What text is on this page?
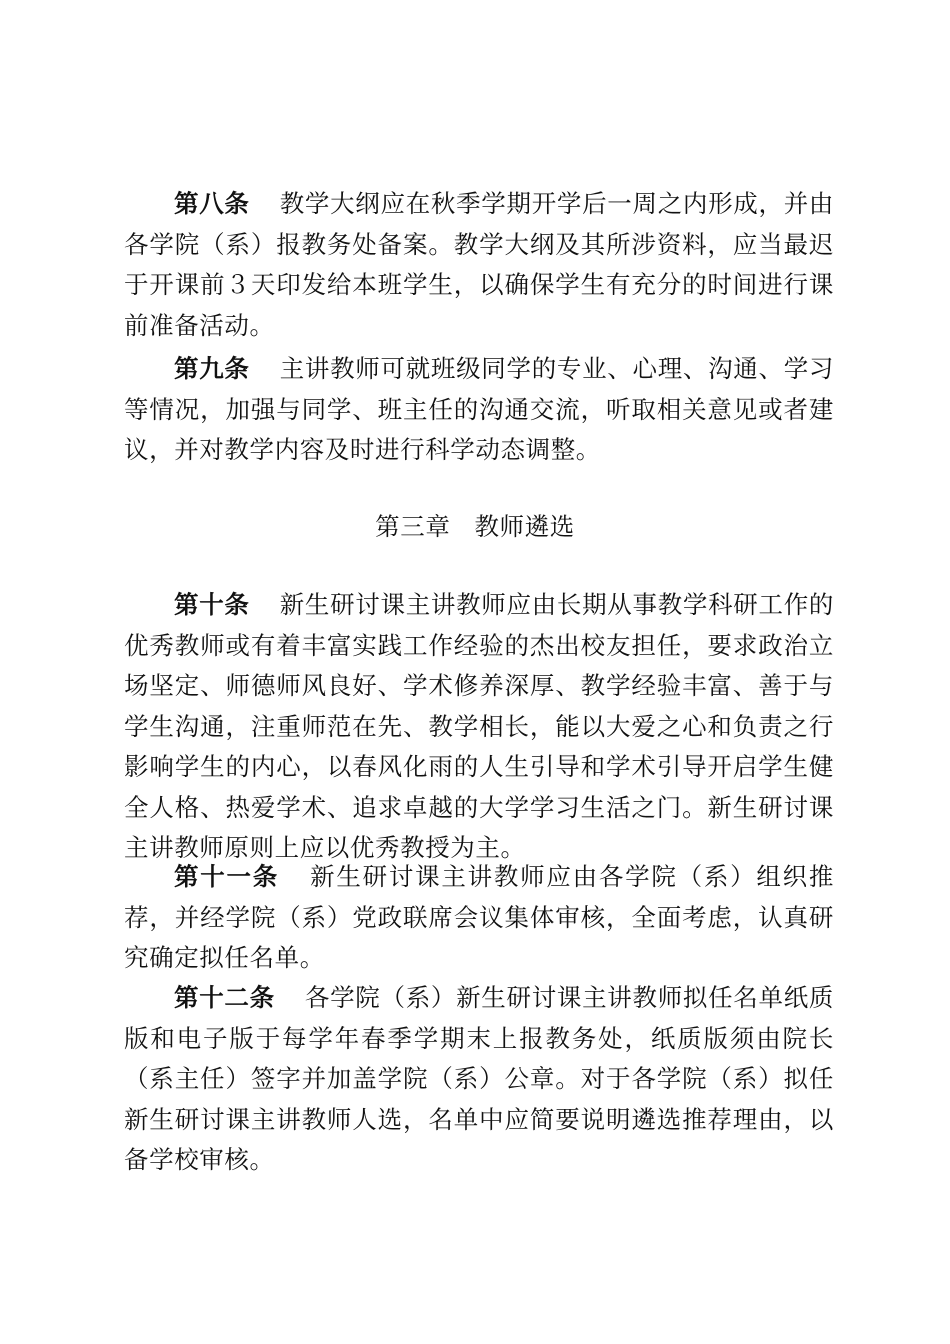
第八条 教学大纲应在秋季学期开学后一周之内形成，并由各学院（系）报教务处备案。教学大纲及其所涉资料，应当最迟于开课前３天印发给本班学生，以确保学生有充分的时间进行课前准备活动。

第九条 主讲教师可就班级同学的专业、心理、沟通、学习等情况，加强与同学、班主任的沟通交流，听取相关意见或者建议，并对教学内容及时进行科学动态调整。

第三章 教师遴选

第十条 新生研讨课主讲教师应由长期从事教学科研工作的优秀教师或有着丰富实践工作经验的杰出校友担任，要求政治立场坚定、师德师风良好、学术修养深厚、教学经验丰富、善于与学生沟通，注重师范在先、教学相长，能以大爱之心和负责之行影响学生的内心，以春风化雨的人生引导和学术引导开启学生健全人格、热爱学术、追求卓越的大学学习生活之门。新生研讨课主讲教师原则上应以优秀教授为主。

第十一条 新生研讨课主讲教师应由各学院（系）组织推荐，并经学院（系）党政联席会议集体审核，全面考虑，认真研究确定拟任名单。

第十二条 各学院（系）新生研讨课主讲教师拟任名单纸质版和电子版于每学年春季学期末上报教务处，纸质版须由院长（系主任）签字并加盖学院（系）公章。对于各学院（系）拟任新生研讨课主讲教师人选，名单中应简要说明遴选推荐理由，以备学校审核。
